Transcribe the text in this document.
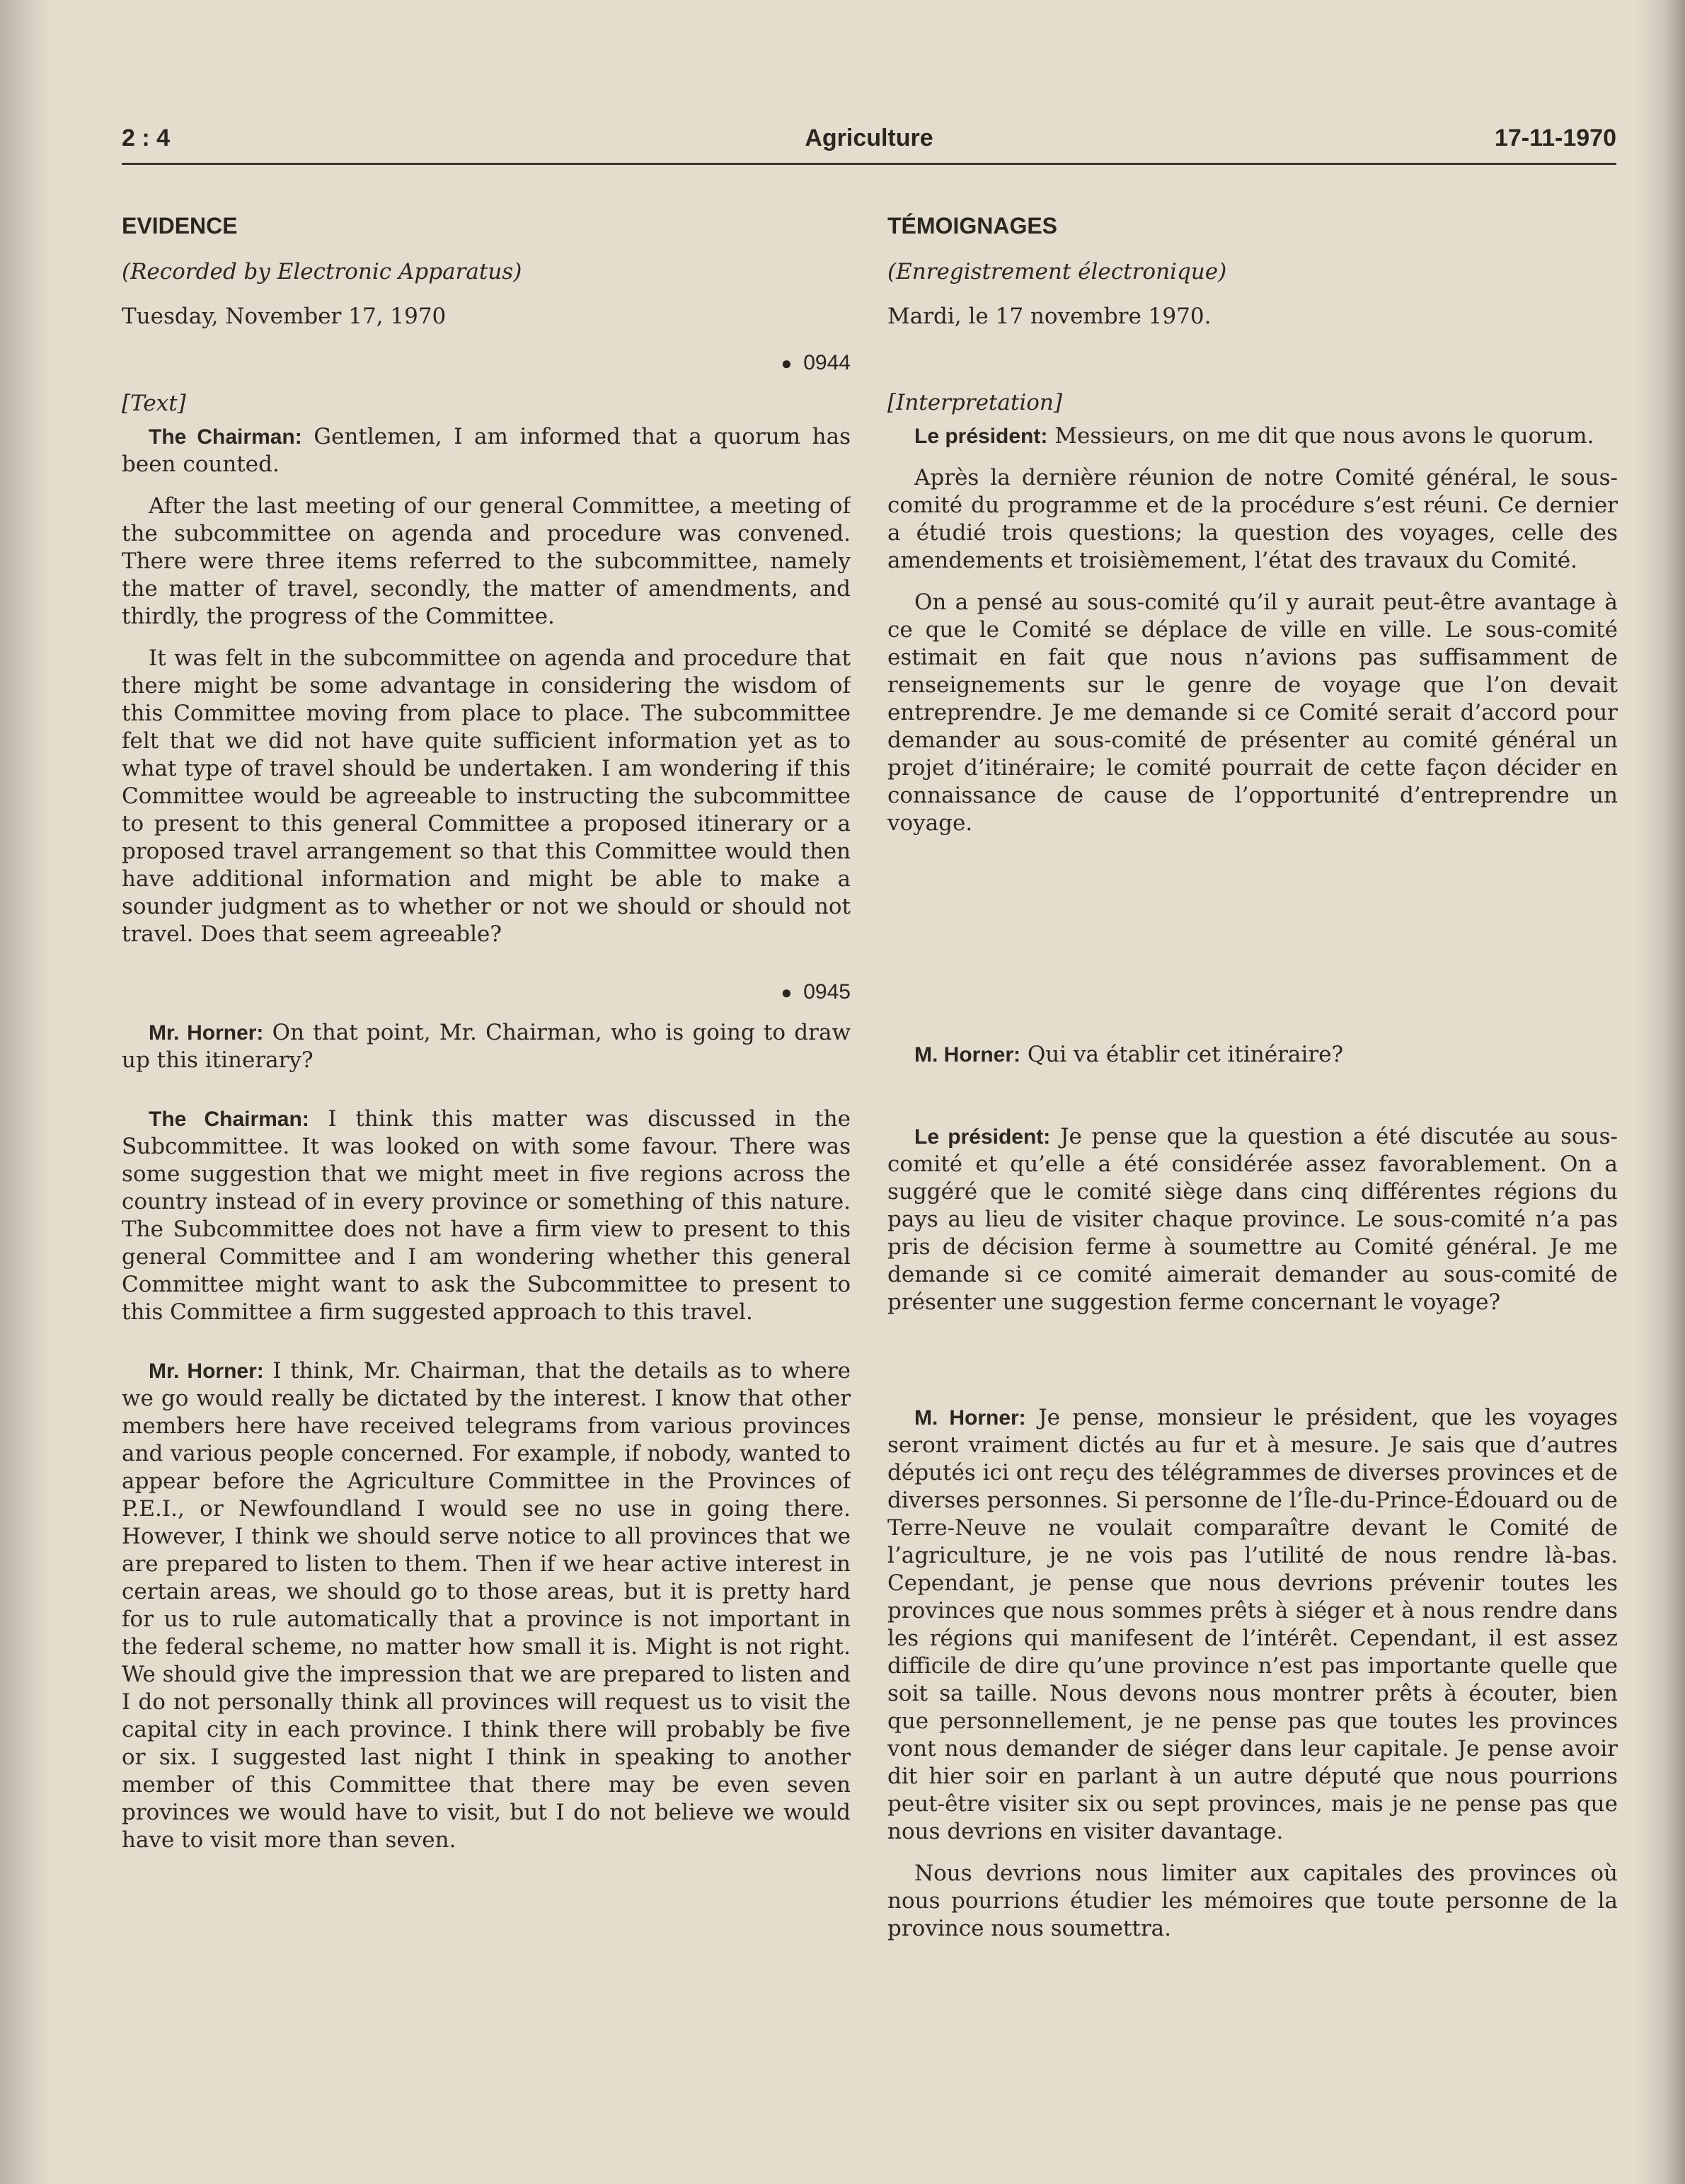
2 : 4	Agriculture	17-11-1970
EVIDENCE
(Recorded by Electronic Apparatus)
Tuesday, November 17, 1970
● 0944
[Text]

The Chairman: Gentlemen, I am informed that a quorum has been counted.

After the last meeting of our general Committee, a meeting of the subcommittee on agenda and procedure was convened. There were three items referred to the subcommittee, namely the matter of travel, secondly, the matter of amendments, and thirdly, the progress of the Committee.

It was felt in the subcommittee on agenda and procedure that there might be some advantage in considering the wisdom of this Committee moving from place to place. The subcommittee felt that we did not have quite sufficient information yet as to what type of travel should be undertaken. I am wondering if this Committee would be agreeable to instructing the subcommittee to present to this general Committee a proposed itinerary or a proposed travel arrangement so that this Committee would then have additional information and might be able to make a sounder judgment as to whether or not we should or should not travel. Does that seem agreeable?

● 0945

Mr. Horner: On that point, Mr. Chairman, who is going to draw up this itinerary?

The Chairman: I think this matter was discussed in the Subcommittee. It was looked on with some favour. There was some suggestion that we might meet in five regions across the country instead of in every province or something of this nature. The Subcommittee does not have a firm view to present to this general Committee and I am wondering whether this general Committee might want to ask the Subcommittee to present to this Committee a firm suggested approach to this travel.

Mr. Horner: I think, Mr. Chairman, that the details as to where we go would really be dictated by the interest. I know that other members here have received telegrams from various provinces and various people concerned. For example, if nobody, wanted to appear before the Agriculture Committee in the Provinces of P.E.I., or Newfoundland I would see no use in going there. However, I think we should serve notice to all provinces that we are prepared to listen to them. Then if we hear active interest in certain areas, we should go to those areas, but it is pretty hard for us to rule automatically that a province is not important in the federal scheme, no matter how small it is. Might is not right. We should give the impression that we are prepared to listen and I do not personally think all provinces will request us to visit the capital city in each province. I think there will probably be five or six. I suggested last night I think in speaking to another member of this Committee that there may be even seven provinces we would have to visit, but I do not believe we would have to visit more than seven.

TÉMOIGNAGES
(Enregistrement électronique)
Mardi, le 17 novembre 1970.
[Interpretation]

Le président: Messieurs, on me dit que nous avons le quorum.

Après la dernière réunion de notre Comité général, le sous-comité du programme et de la procédure s’est réuni. Ce dernier a étudié trois questions; la question des voyages, celle des amendements et troisièmement, l’état des travaux du Comité.

On a pensé au sous-comité qu’il y aurait peut-être avantage à ce que le Comité se déplace de ville en ville. Le sous-comité estimait en fait que nous n’avions pas suffisamment de renseignements sur le genre de voyage que l’on devait entreprendre. Je me demande si ce Comité serait d’accord pour demander au sous-comité de présenter au comité général un projet d’itinéraire; le comité pourrait de cette façon décider en connaissance de cause de l’opportunité d’entreprendre un voyage.

M. Horner: Qui va établir cet itinéraire?

Le président: Je pense que la question a été discutée au sous-comité et qu’elle a été considérée assez favorablement. On a suggéré que le comité siège dans cinq différentes régions du pays au lieu de visiter chaque province. Le sous-comité n’a pas pris de décision ferme à soumettre au Comité général. Je me demande si ce comité aimerait demander au sous-comité de présenter une suggestion ferme concernant le voyage?

M. Horner: Je pense, monsieur le président, que les voyages seront vraiment dictés au fur et à mesure. Je sais que d’autres députés ici ont reçu des télégrammes de diverses provinces et de diverses personnes. Si personne de l’Île-du-Prince-Édouard ou de Terre-Neuve ne voulait comparaître devant le Comité de l’agriculture, je ne vois pas l’utilité de nous rendre là-bas. Cependant, je pense que nous devrions prévenir toutes les provinces que nous sommes prêts à siéger et à nous rendre dans les régions qui manifesent de l’intérêt. Cependant, il est assez difficile de dire qu’une province n’est pas importante quelle que soit sa taille. Nous devons nous montrer prêts à écouter, bien que personnellement, je ne pense pas que toutes les provinces vont nous demander de siéger dans leur capitale. Je pense avoir dit hier soir en parlant à un autre député que nous pourrions peut-être visiter six ou sept provinces, mais je ne pense pas que nous devrions en visiter davantage.

Nous devrions nous limiter aux capitales des provinces où nous pourrions étudier les mémoires que toute personne de la province nous soumettra.
